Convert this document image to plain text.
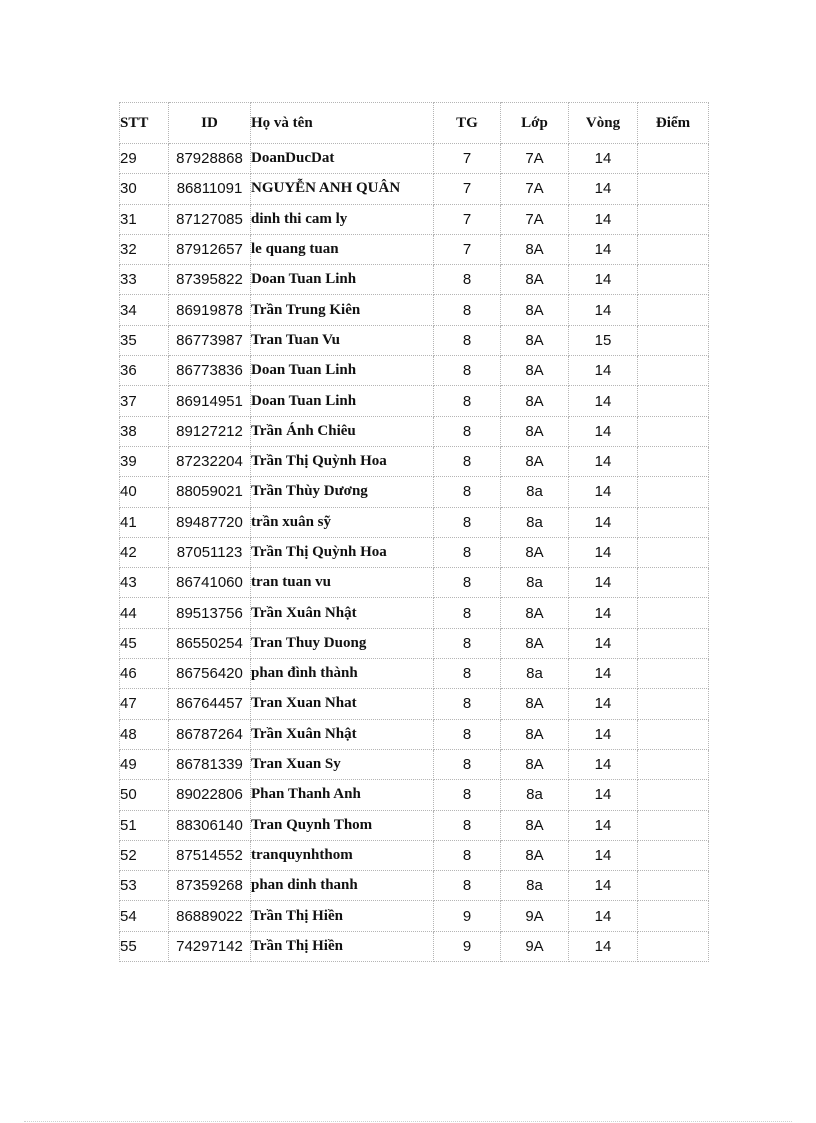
STT	ID	Họ và tên	TG	Lớp	Vòng	Điểm
29	87928868	DoanDucDat	7	7A	14	
30	86811091	NGUYỄN ANH QUÂN	7	7A	14	
31	87127085	dinh thi cam ly	7	7A	14	
32	87912657	le quang tuan	7	8A	14	
33	87395822	Doan Tuan Linh	8	8A	14	
34	86919878	Trần Trung Kiên	8	8A	14	
35	86773987	Tran Tuan Vu	8	8A	15	
36	86773836	Doan Tuan Linh	8	8A	14	
37	86914951	Doan Tuan Linh	8	8A	14	
38	89127212	Trần Ánh Chiêu	8	8A	14	
39	87232204	Trần Thị Quỳnh Hoa	8	8A	14	
40	88059021	Trần Thùy Dương	8	8a	14	
41	89487720	trần xuân sỹ	8	8a	14	
42	87051123	Trần Thị Quỳnh Hoa	8	8A	14	
43	86741060	tran tuan vu	8	8a	14	
44	89513756	Trần Xuân Nhật	8	8A	14	
45	86550254	Tran Thuy Duong	8	8A	14	
46	86756420	phan đình thành	8	8a	14	
47	86764457	Tran Xuan Nhat	8	8A	14	
48	86787264	Trần Xuân Nhật	8	8A	14	
49	86781339	Tran Xuan Sy	8	8A	14	
50	89022806	Phan Thanh Anh	8	8a	14	
51	88306140	Tran Quynh Thom	8	8A	14	
52	87514552	tranquynhthom	8	8A	14	
53	87359268	phan dinh thanh	8	8a	14	
54	86889022	Trần Thị Hiền	9	9A	14	
55	74297142	Trần Thị Hiền	9	9A	14	
